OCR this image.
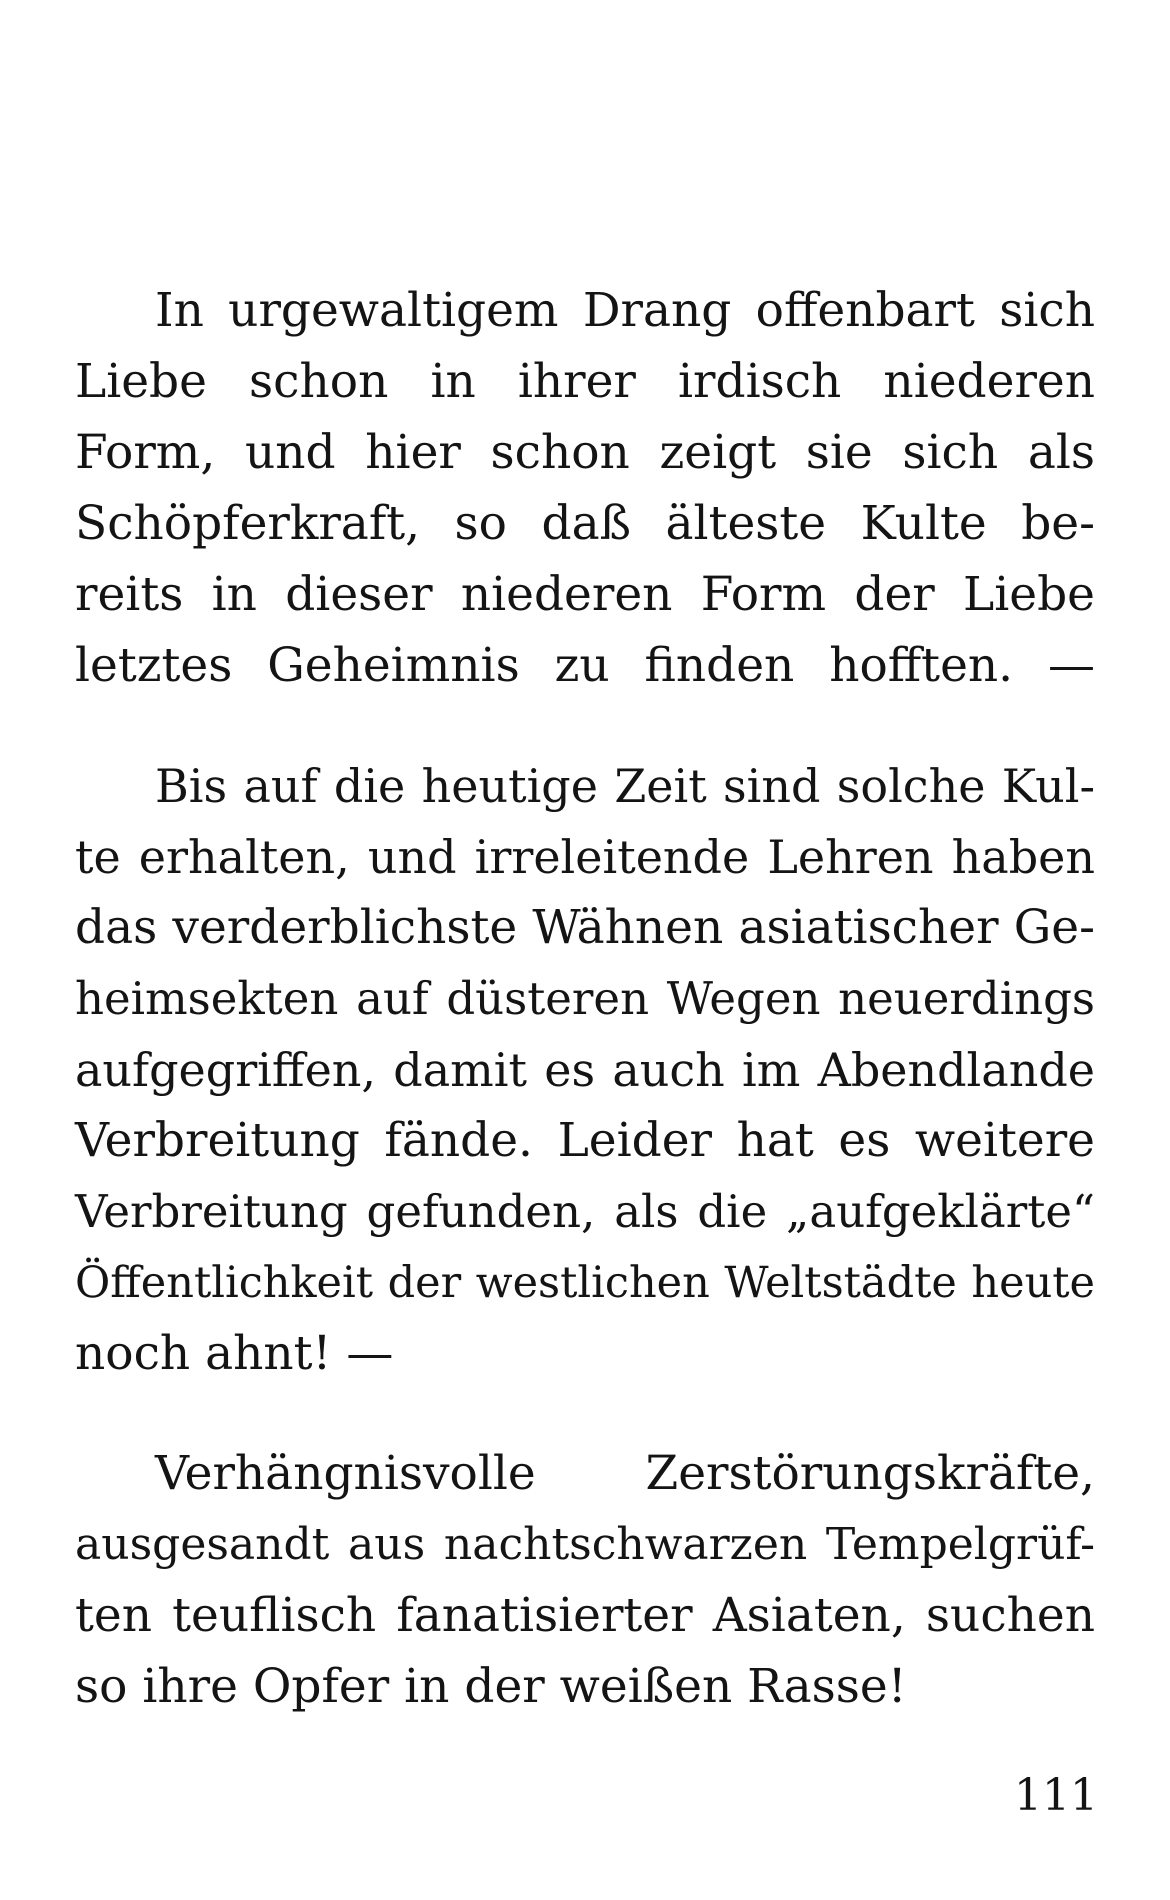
In urgewaltigem Drang offenbart sich
Liebe schon in ihrer irdisch niederen
Form, und hier schon zeigt sie sich als
Schöpferkraft, so daß älteste Kulte be-
reits in dieser niederen Form der Liebe
letztes Geheimnis zu finden hofften. —
Bis auf die heutige Zeit sind solche Kul-
te erhalten, und irreleitende Lehren haben
das verderblichste Wähnen asiatischer Ge-
heimsekten auf düsteren Wegen neuerdings
aufgegriffen, damit es auch im Abendlande
Verbreitung fände. Leider hat es weitere
Verbreitung gefunden, als die „aufgeklärte“
Öffentlichkeit der westlichen Weltstädte heute
noch ahnt! —
Verhängnisvolle Zerstörungskräfte,
ausgesandt aus nachtschwarzen Tempelgrüf-
ten teuflisch fanatisierter Asiaten, suchen
so ihre Opfer in der weißen Rasse!
111
